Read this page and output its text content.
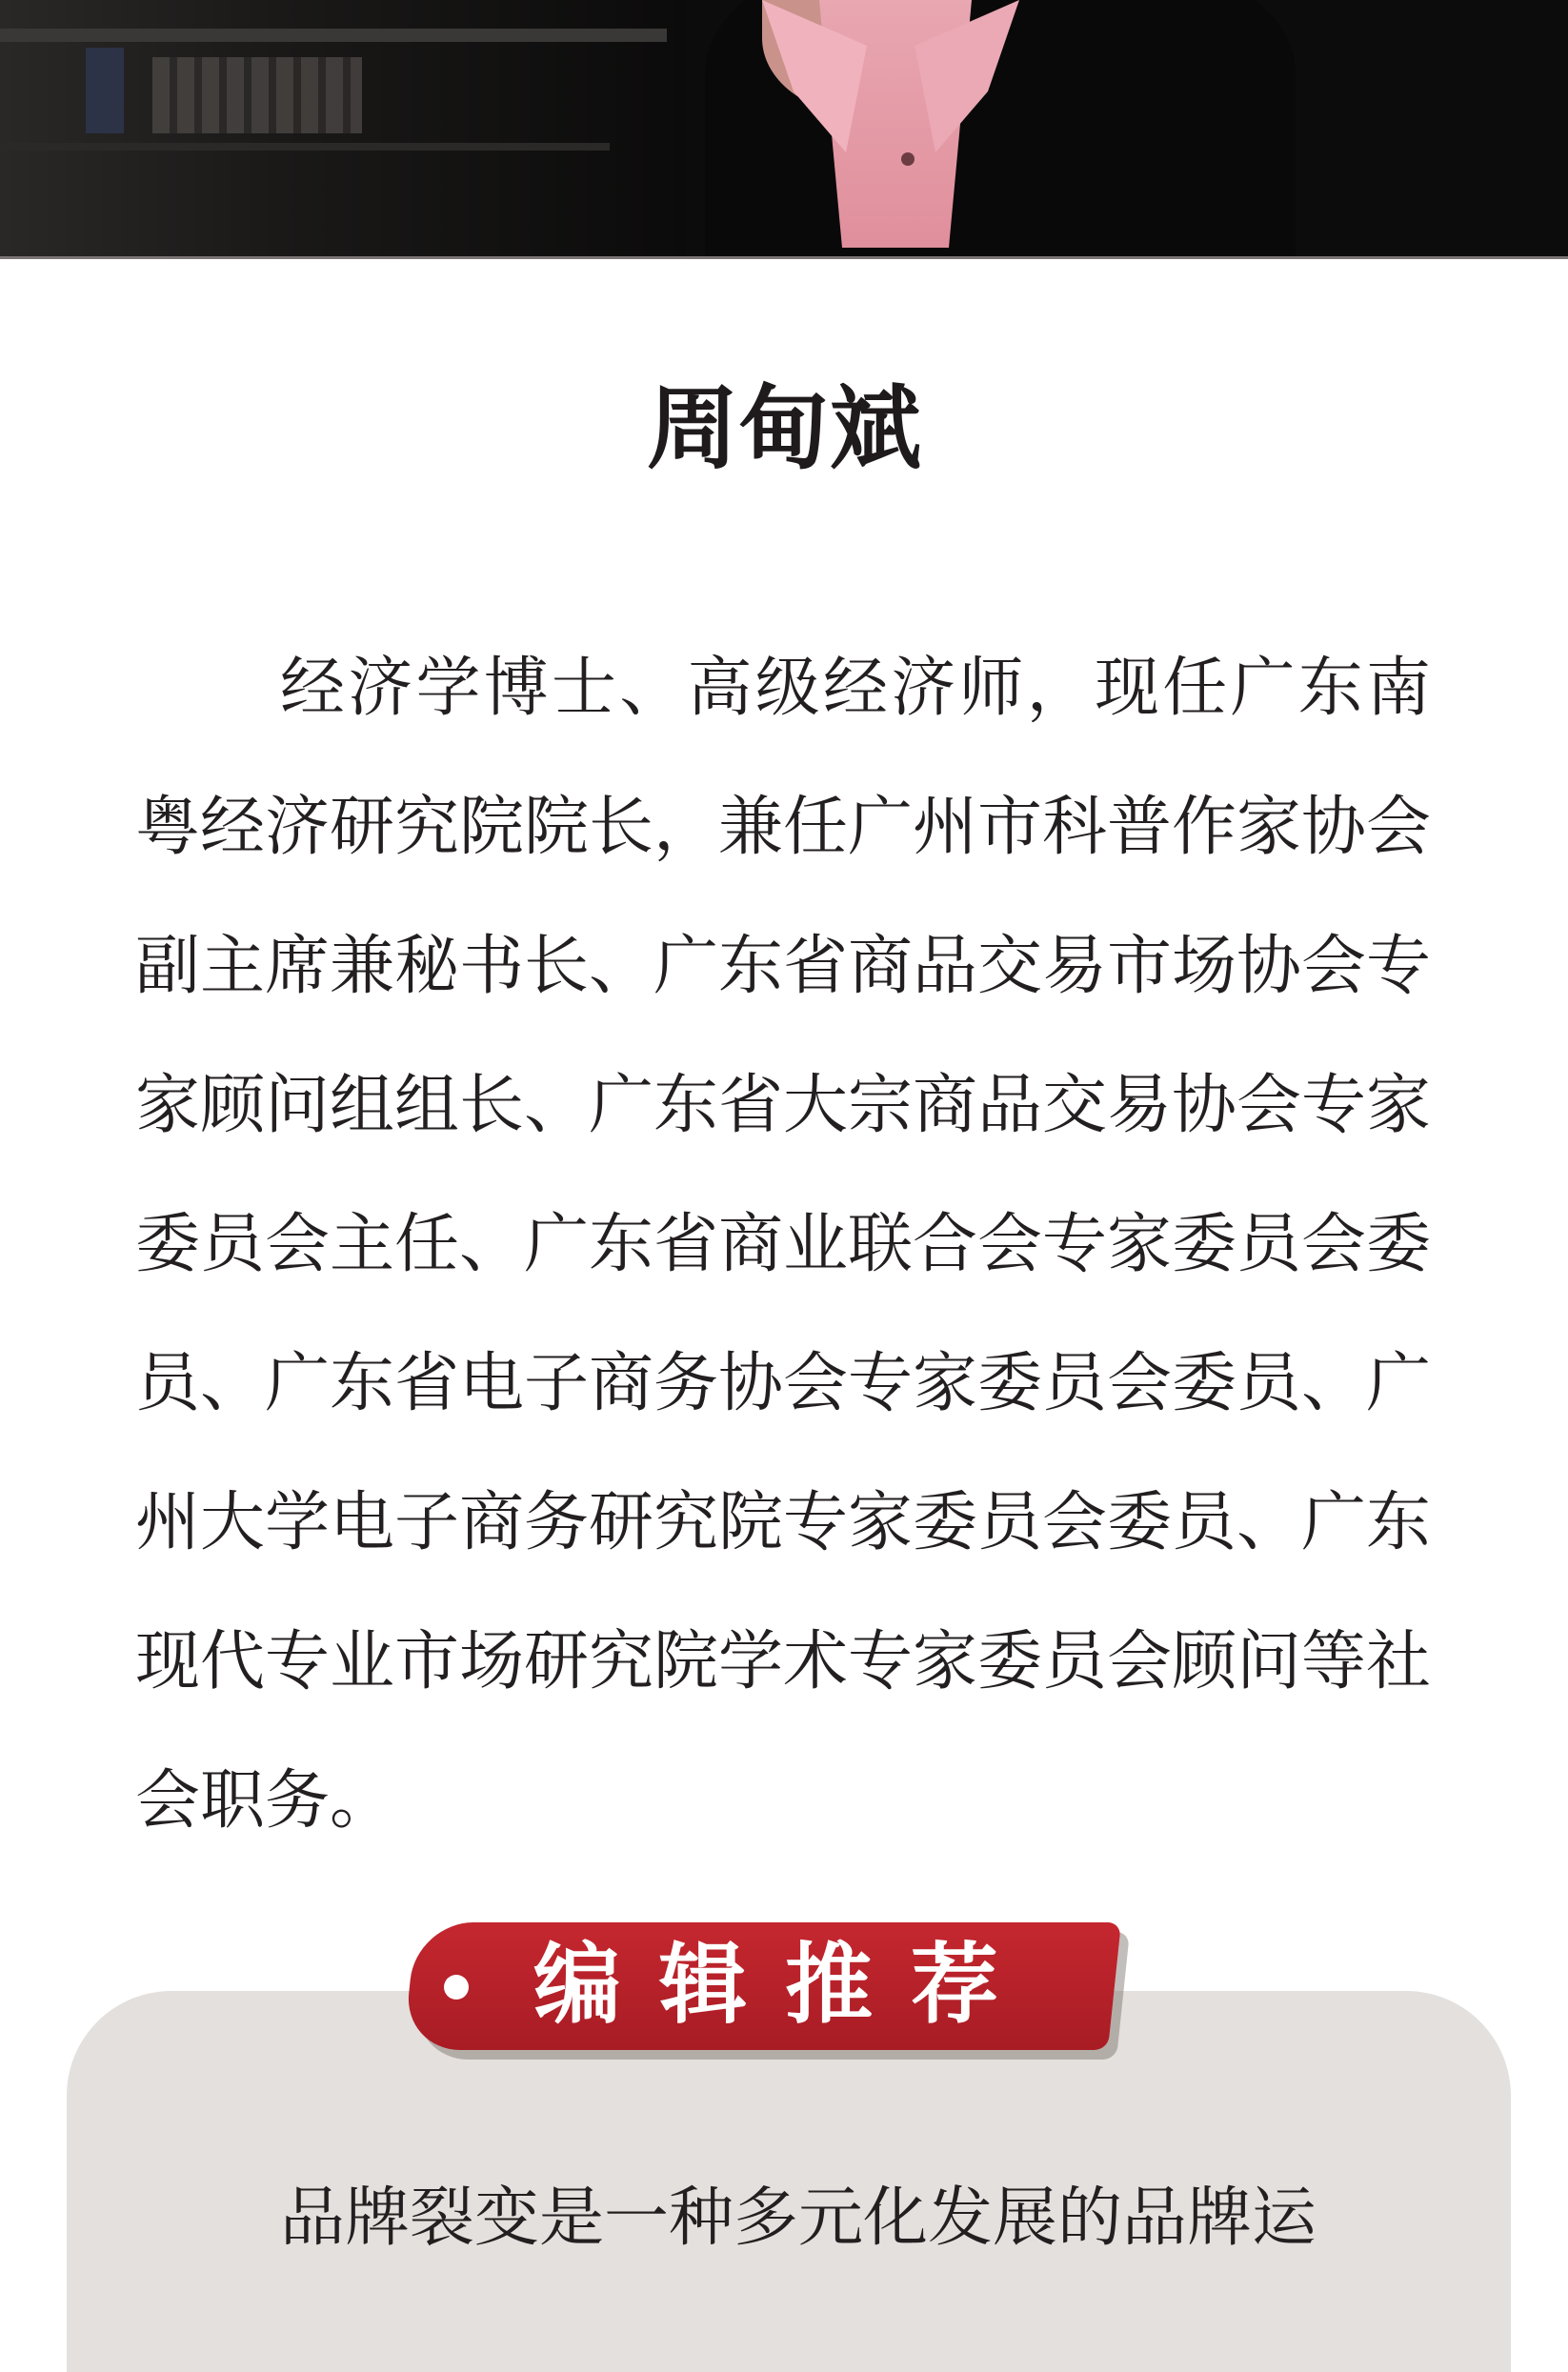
周甸斌
经济学博士、高级经济师，现任广东南粤经济研究院院长，兼任广州市科普作家协会副主席兼秘书长、广东省商品交易市场协会专家顾问组组长、广东省大宗商品交易协会专家委员会主任、广东省商业联合会专家委员会委员、广东省电子商务协会专家委员会委员、广州大学电子商务研究院专家委员会委员、广东现代专业市场研究院学术专家委员会顾问等社会职务。
编辑推荐
品牌裂变是一种多元化发展的品牌运
